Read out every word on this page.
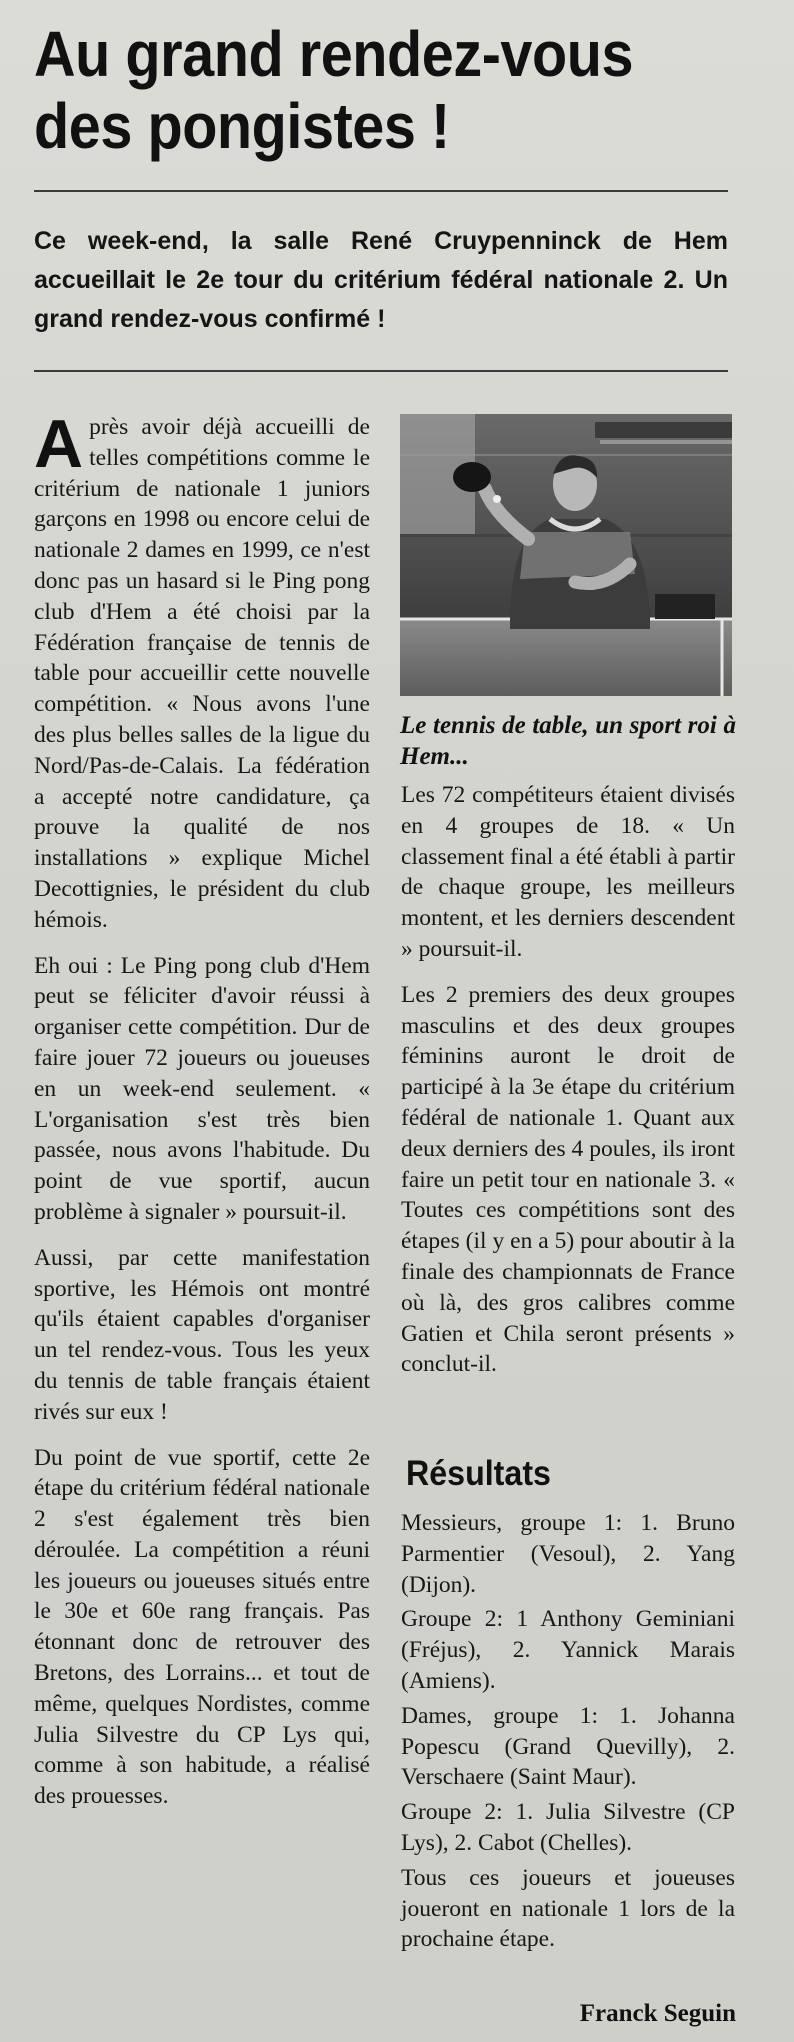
Au grand rendez-vous des pongistes !
Ce week-end, la salle René Cruypenninck de Hem accueillait le 2e tour du critérium fédéral nationale 2. Un grand rendez-vous confirmé !

Après avoir déjà accueilli de telles compétitions comme le critérium de nationale 1 juniors garçons en 1998 ou encore celui de nationale 2 dames en 1999, ce n'est donc pas un hasard si le Ping pong club d'Hem a été choisi par la Fédération française de tennis de table pour accueillir cette nouvelle compétition. « Nous avons l'une des plus belles salles de la ligue du Nord/Pas-de-Calais. La fédération a accepté notre candidature, ça prouve la qualité de nos installations » explique Michel Decottignies, le président du club hémois.

Eh oui : Le Ping pong club d'Hem peut se féliciter d'avoir réussi à organiser cette compétition. Dur de faire jouer 72 joueurs ou joueuses en un week-end seulement. « L'organisation s'est très bien passée, nous avons l'habitude. Du point de vue sportif, aucun problème à signaler » poursuit-il.

Aussi, par cette manifestation sportive, les Hémois ont montré qu'ils étaient capables d'organiser un tel rendez-vous. Tous les yeux du tennis de table français étaient rivés sur eux !

Du point de vue sportif, cette 2e étape du critérium fédéral nationale 2 s'est également très bien déroulée. La compétition a réuni les joueurs ou joueuses situés entre le 30e et 60e rang français. Pas étonnant donc de retrouver des Bretons, des Lorrains... et tout de même, quelques Nordistes, comme Julia Silvestre du CP Lys qui, comme à son habitude, a réalisé des prouesses.

Le tennis de table, un sport roi à Hem...

Les 72 compétiteurs étaient divisés en 4 groupes de 18. « Un classement final a été établi à partir de chaque groupe, les meilleurs montent, et les derniers descendent » poursuit-il.

Les 2 premiers des deux groupes masculins et des deux groupes féminins auront le droit de participé à la 3e étape du critérium fédéral de nationale 1. Quant aux deux derniers des 4 poules, ils iront faire un petit tour en nationale 3. « Toutes ces compétitions sont des étapes (il y en a 5) pour aboutir à la finale des championnats de France où là, des gros calibres comme Gatien et Chila seront présents » conclut-il.

Résultats

Messieurs, groupe 1: 1. Bruno Parmentier (Vesoul), 2. Yang (Dijon).

Groupe 2: 1 Anthony Geminiani (Fréjus), 2. Yannick Marais (Amiens).

Dames, groupe 1: 1. Johanna Popescu (Grand Quevilly), 2. Verschaere (Saint Maur).

Groupe 2: 1. Julia Silvestre (CP Lys), 2. Cabot (Chelles).

Tous ces joueurs et joueuses joueront en nationale 1 lors de la prochaine étape.

Franck Seguin
